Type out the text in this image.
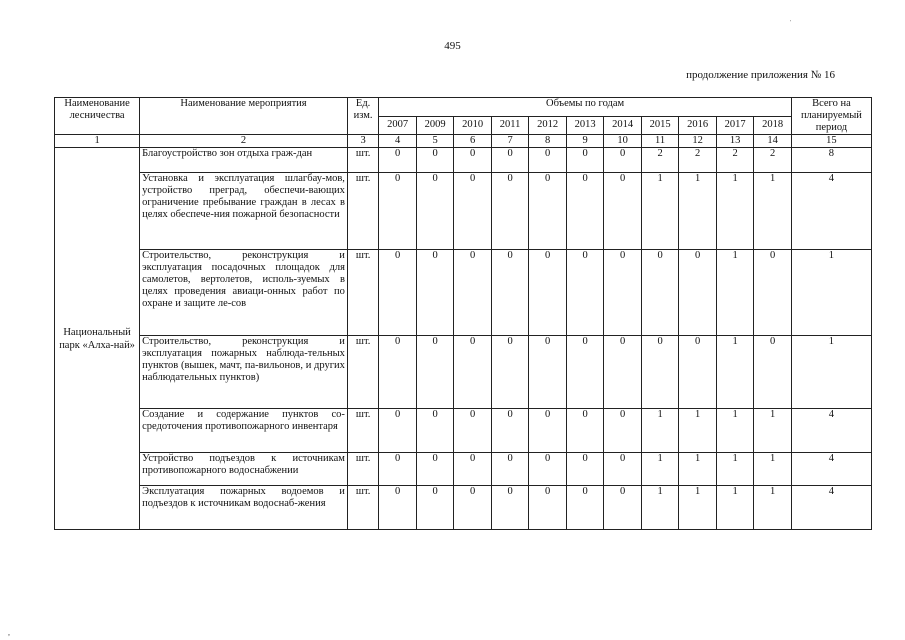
495
продолжение приложения № 16
Наименование лесничества	Наименование мероприятия	Ед. изм.	Объемы по годам											Всего на планируемый период
			2007	2009	2010	2011	2012	2013	2014	2015	2016	2017	2018	
1	2	3	4	5	6	7	8	9	10	11	12	13	14	15
Национальный парк «Алха-най»	Благоустройство зон отдыха граж-дан	шт.	0	0	0	0	0	0	0	2	2	2	2	8
	Установка и эксплуатация шлагбау-мов, устройство преград, обеспечи-вающих ограничение пребывание граждан в лесах в целях обеспече-ния пожарной безопасности	шт.	0	0	0	0	0	0	0	1	1	1	1	4
	Строительство, реконструкция и эксплуатация посадочных площадок для самолетов, вертолетов, исполь-зуемых в целях проведения авиаци-онных работ по охране и защите ле-сов	шт.	0	0	0	0	0	0	0	0	0	1	0	1
	Строительство, реконструкция и эксплуатация пожарных наблюда-тельных пунктов (вышек, мачт, па-вильонов, и других наблюдательных пунктов)	шт.	0	0	0	0	0	0	0	0	0	1	0	1
	Создание и содержание пунктов со-средоточения противопожарного инвентаря	шт.	0	0	0	0	0	0	0	1	1	1	1	4
	Устройство подъездов к источникам противопожарного водоснабжении	шт.	0	0	0	0	0	0	0	1	1	1	1	4
	Эксплуатация пожарных водоемов и подъездов к источникам водоснаб-жения	шт.	0	0	0	0	0	0	0	1	1	1	1	4
'
,
